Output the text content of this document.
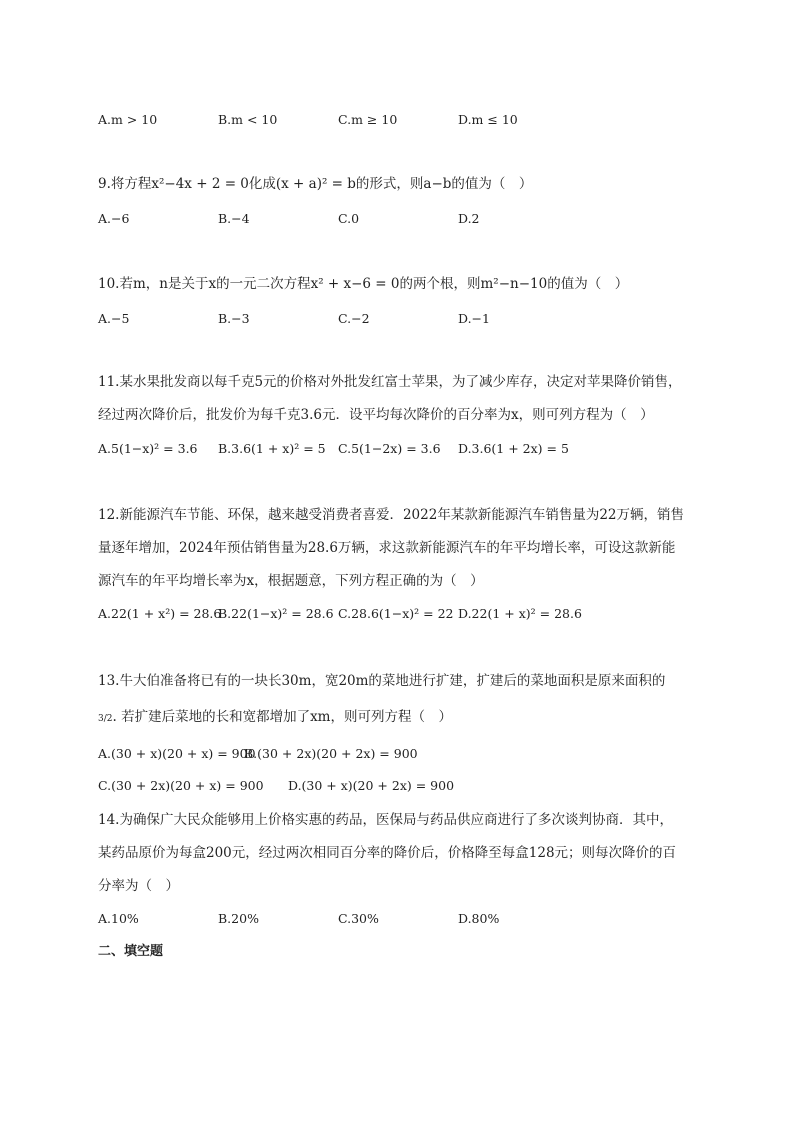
A.m > 10	B.m < 10	C.m ≥ 10	D.m ≤ 10
9.将方程x²−4x + 2 = 0化成(x + a)² = b的形式，则a−b的值为（　）
A.−6	B.−4	C.0	D.2
10.若m，n是关于x的一元二次方程x² + x−6 = 0的两个根，则m²−n−10的值为（　）
A.−5	B.−3	C.−2	D.−1
11.某水果批发商以每千克5元的价格对外批发红富士苹果，为了减少库存，决定对苹果降价销售，
经过两次降价后，批发价为每千克3.6元．设平均每次降价的百分率为x，则可列方程为（　）
A.5(1−x)² = 3.6 B.3.6(1 + x)² = 5 C.5(1−2x) = 3.6 D.3.6(1 + 2x) = 5
12.新能源汽车节能、环保，越来越受消费者喜爱．2022年某款新能源汽车销售量为22万辆，销售
量逐年增加，2024年预估销售量为28.6万辆，求这款新能源汽车的年平均增长率，可设这款新能
源汽车的年平均增长率为x，根据题意，下列方程正确的为（　）
A.22(1 + x²) = 28.6
B.22(1−x)² = 28.6 C.28.6(1−x)² = 22 D.22(1 + x)² = 28.6
13.牛大伯准备将已有的一块长30m，宽20m的菜地进行扩建，扩建后的菜地面积是原来面积的
3/2. 若扩建后菜地的长和宽都增加了xm，则可列方程（　）
A.(30 + x)(20 + x) = 900
B.(30 + 2x)(20 + 2x) = 900
C.(30 + 2x)(20 + x) = 900 D.(30 + x)(20 + 2x) = 900
14.为确保广大民众能够用上价格实惠的药品，医保局与药品供应商进行了多次谈判协商．其中，
某药品原价为每盒200元，经过两次相同百分率的降价后，价格降至每盒128元；则每次降价的百
分率为（　）
A.10%	B.20%	C.30%	D.80%
二、填空题
